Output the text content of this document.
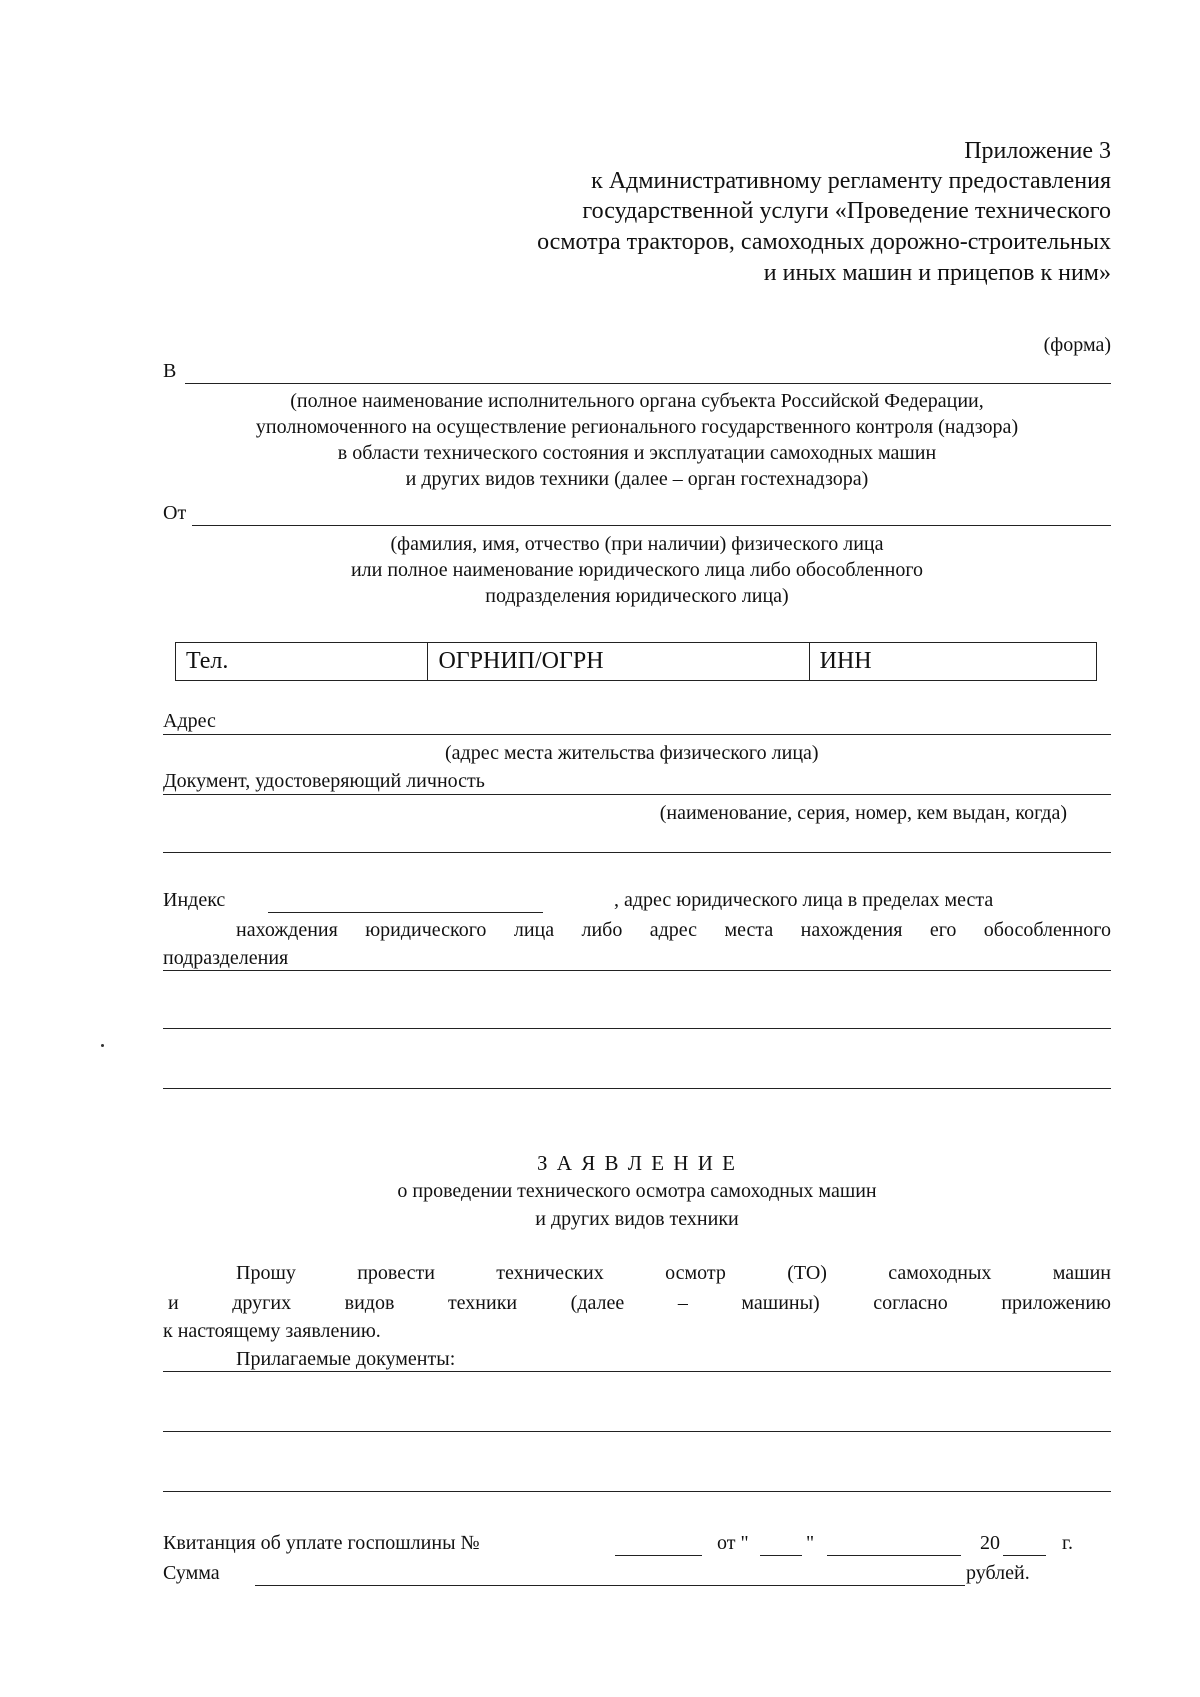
Приложение 3
к Административному регламенту предоставления
государственной услуги «Проведение технического
осмотра тракторов, самоходных дорожно-строительных
и иных машин и прицепов к ним»
(форма)
В
(полное наименование исполнительного органа субъекта Российской Федерации,
уполномоченного на осуществление регионального государственного контроля (надзора)
в области технического состояния и эксплуатации самоходных машин
и других видов техники (далее – орган гостехнадзора)
От
(фамилия, имя, отчество (при наличии) физического лица
или полное наименование юридического лица либо обособленного
подразделения юридического лица)
Тел.	ОГРНИП/ОГРН	ИНН
Адрес
(адрес места жительства физического лица)
Документ, удостоверяющий личность
(наименование, серия, номер, кем выдан, когда)
Индекс	, адрес юридического лица в пределах места
нахождения юридического лица либо адрес места нахождения его обособленного
подразделения
З А Я В Л Е Н И Е
о проведении технического осмотра самоходных машин
и других видов техники
Прошу	провести	технических	осмотр	(ТО)	самоходных	машин
и	других	видов	техники	(далее	–	машины)	согласно	приложению
к настоящему заявлению.
Прилагаемые документы:
Квитанция об уплате госпошлины №	от "	"	20	г.
Сумма	рублей.
